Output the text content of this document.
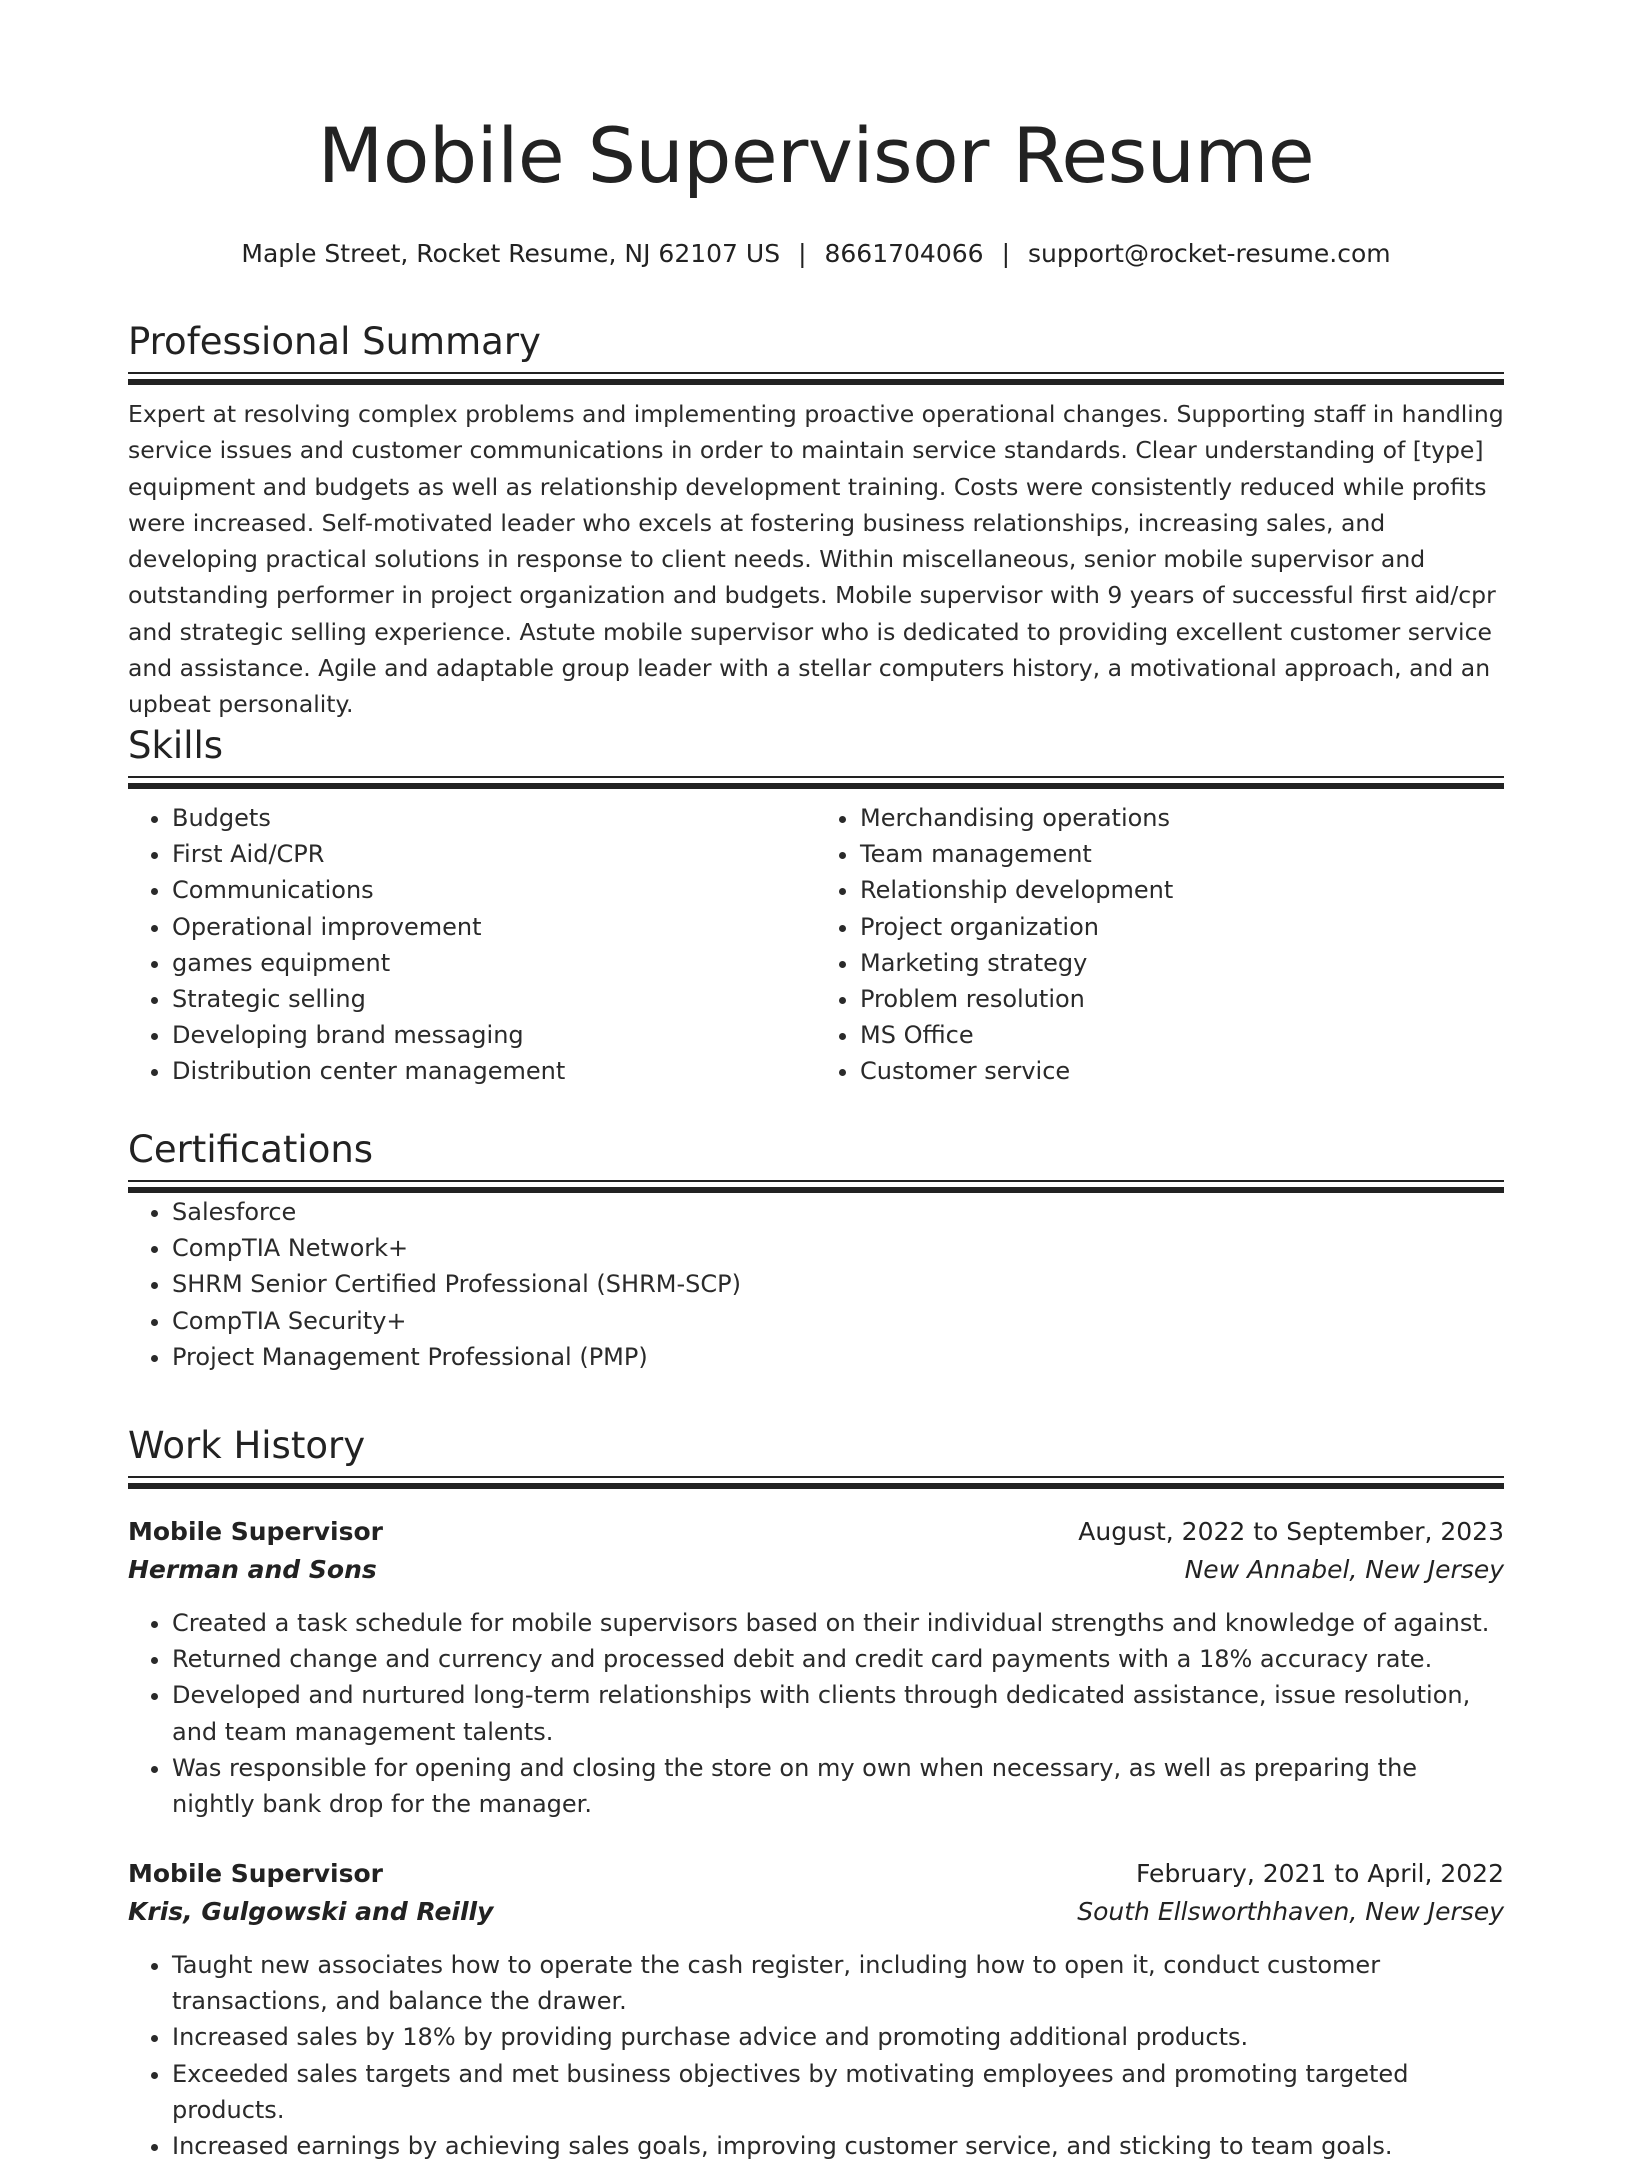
Mobile Supervisor Resume
Maple Street, Rocket Resume, NJ 62107 US | 8661704066 | support@rocket-resume.com
Professional Summary

Expert at resolving complex problems and implementing proactive operational changes. Supporting staff in handling service issues and customer communications in order to maintain service standards. Clear understanding of [type] equipment and budgets as well as relationship development training. Costs were consistently reduced while profits were increased. Self-motivated leader who excels at fostering business relationships, increasing sales, and developing practical solutions in response to client needs. Within miscellaneous, senior mobile supervisor and outstanding performer in project organization and budgets. Mobile supervisor with 9 years of successful first aid/cpr and strategic selling experience. Astute mobile supervisor who is dedicated to providing excellent customer service and assistance. Agile and adaptable group leader with a stellar computers history, a motivational approach, and an upbeat personality.

Skills
• Budgets
• First Aid/CPR
• Communications
• Operational improvement
• games equipment
• Strategic selling
• Developing brand messaging
• Distribution center management
• Merchandising operations
• Team management
• Relationship development
• Project organization
• Marketing strategy
• Problem resolution
• MS Office
• Customer service
Certifications
• Salesforce
• CompTIA Network+
• SHRM Senior Certified Professional (SHRM-SCP)
• CompTIA Security+
• Project Management Professional (PMP)
Work History
Mobile Supervisor	August, 2022 to September, 2023
Herman and Sons	New Annabel, New Jersey
• Created a task schedule for mobile supervisors based on their individual strengths and knowledge of against.
• Returned change and currency and processed debit and credit card payments with a 18% accuracy rate.
• Developed and nurtured long-term relationships with clients through dedicated assistance, issue resolution, and team management talents.
• Was responsible for opening and closing the store on my own when necessary, as well as preparing the nightly bank drop for the manager.
Mobile Supervisor	February, 2021 to April, 2022
Kris, Gulgowski and Reilly	South Ellsworthhaven, New Jersey
• Taught new associates how to operate the cash register, including how to open it, conduct customer transactions, and balance the drawer.
• Increased sales by 18% by providing purchase advice and promoting additional products.
• Exceeded sales targets and met business objectives by motivating employees and promoting targeted products.
• Increased earnings by achieving sales goals, improving customer service, and sticking to team goals.
